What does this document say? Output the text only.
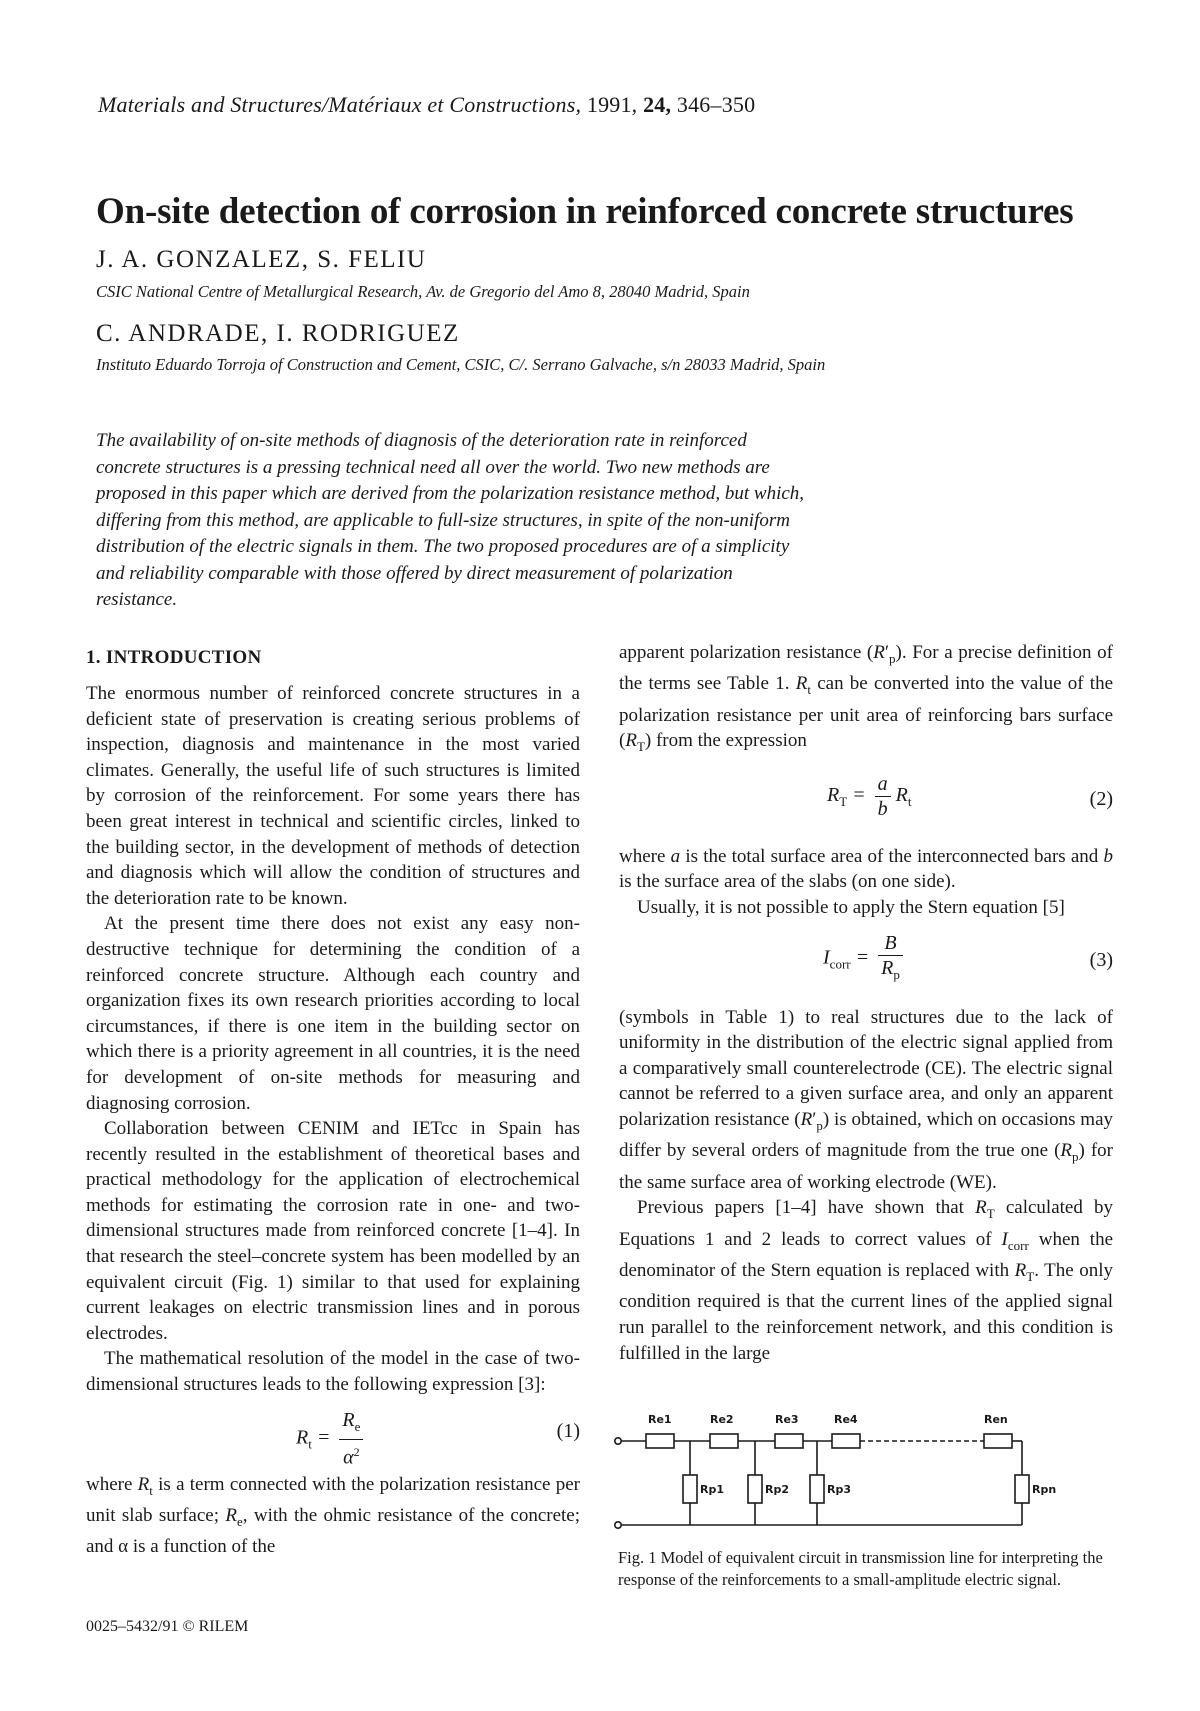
Materials and Structures/Matériaux et Constructions, 1991, 24, 346–350
On-site detection of corrosion in reinforced concrete structures

J. A. GONZALEZ, S. FELIU

CSIC National Centre of Metallurgical Research, Av. de Gregorio del Amo 8, 28040 Madrid, Spain

C. ANDRADE, I. RODRIGUEZ

Instituto Eduardo Torroja of Construction and Cement, CSIC, C/. Serrano Galvache, s/n 28033 Madrid, Spain

The availability of on-site methods of diagnosis of the deterioration rate in reinforced
concrete structures is a pressing technical need all over the world. Two new methods are
proposed in this paper which are derived from the polarization resistance method, but which,
differing from this method, are applicable to full-size structures, in spite of the non-uniform
distribution of the electric signals in them. The two proposed procedures are of a simplicity
and reliability comparable with those offered by direct measurement of polarization
resistance.
1. INTRODUCTION

The enormous number of reinforced concrete structures in a deficient state of preservation is creating serious problems of inspection, diagnosis and maintenance in the most varied climates. Generally, the useful life of such structures is limited by corrosion of the reinforcement. For some years there has been great interest in technical and scientific circles, linked to the building sector, in the development of methods of detection and diagnosis which will allow the condition of structures and the deterioration rate to be known.

At the present time there does not exist any easy non-destructive technique for determining the condition of a reinforced concrete structure. Although each country and organization fixes its own research priorities according to local circumstances, if there is one item in the building sector on which there is a priority agreement in all countries, it is the need for development of on-site methods for measuring and diagnosing corrosion.

Collaboration between CENIM and IETcc in Spain has recently resulted in the establishment of theoretical bases and practical methodology for the application of electrochemical methods for estimating the corrosion rate in one- and two-dimensional structures made from reinforced concrete [1–4]. In that research the steel–concrete system has been modelled by an equivalent circuit (Fig. 1) similar to that used for explaining current leakages on electric transmission lines and in porous electrodes.

The mathematical resolution of the model in the case of two-dimensional structures leads to the following expression [3]:

$R_t = \frac{R_e}{\alpha^2}$	(1)

where $R_t$ is a term connected with the polarization resistance per unit slab surface; $R_e$, with the ohmic resistance of the concrete; and α is a function of the

apparent polarization resistance $(R'_p)$. For a precise definition of the terms see Table 1. $R_t$ can be converted into the value of the polarization resistance per unit area of reinforcing bars surface $(R_T)$ from the expression

$R_T = \frac{a}{b} R_t$	(2)

where a is the total surface area of the interconnected bars and b is the surface area of the slabs (on one side).

Usually, it is not possible to apply the Stern equation [5]

$I_{corr} = \frac{B}{R_p}$	(3)

(symbols in Table 1) to real structures due to the lack of uniformity in the distribution of the electric signal applied from a comparatively small counterelectrode (CE). The electric signal cannot be referred to a given surface area, and only an apparent polarization resistance $(R'_p)$ is obtained, which on occasions may differ by several orders of magnitude from the true one $(R_p)$ for the same surface area of working electrode (WE).

Previous papers [1–4] have shown that $R_T$ calculated by Equations 1 and 2 leads to correct values of $I_{corr}$ when the denominator of the Stern equation is replaced with $R_T$. The only condition required is that the current lines of the applied signal run parallel to the reinforcement network, and this condition is fulfilled in the large

Re1	Re2	Re3	Re4	Ren
Rp1	Rp2	Rp3	Rpn
Fig. 1 Model of equivalent circuit in transmission line for interpreting the response of the reinforcements to a small-amplitude electric signal.
0025–5432/91 © RILEM
